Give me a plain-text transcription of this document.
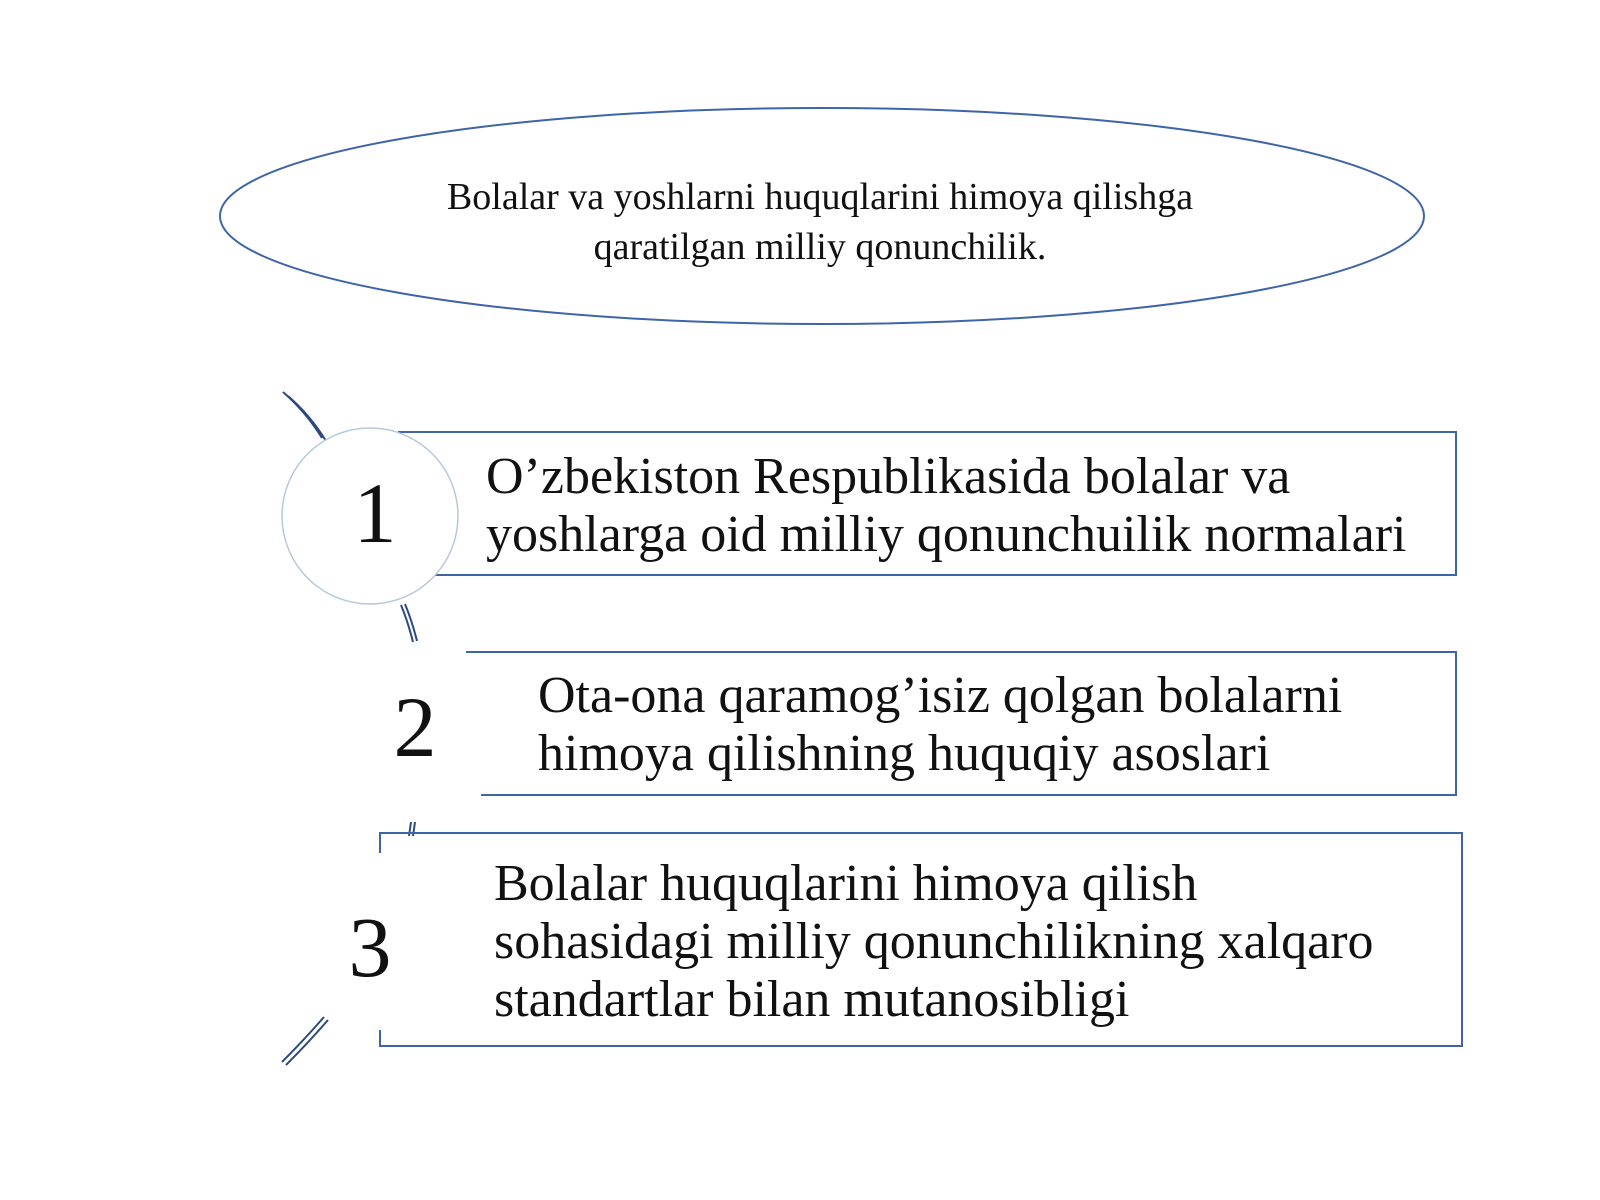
Bolalar va yoshlarni huquqlarini himoya qilishga
qaratilgan milliy qonunchilik.
1	O’zbekiston Respublikasida bolalar va
yoshlarga oid milliy qonunchuilik normalari
2	Ota-ona qaramog’isiz qolgan bolalarni
himoya qilishning huquqiy asoslari
3
Bolalar huquqlarini himoya qilish
sohasidagi milliy qonunchilikning xalqaro
standartlar bilan mutanosibligi
